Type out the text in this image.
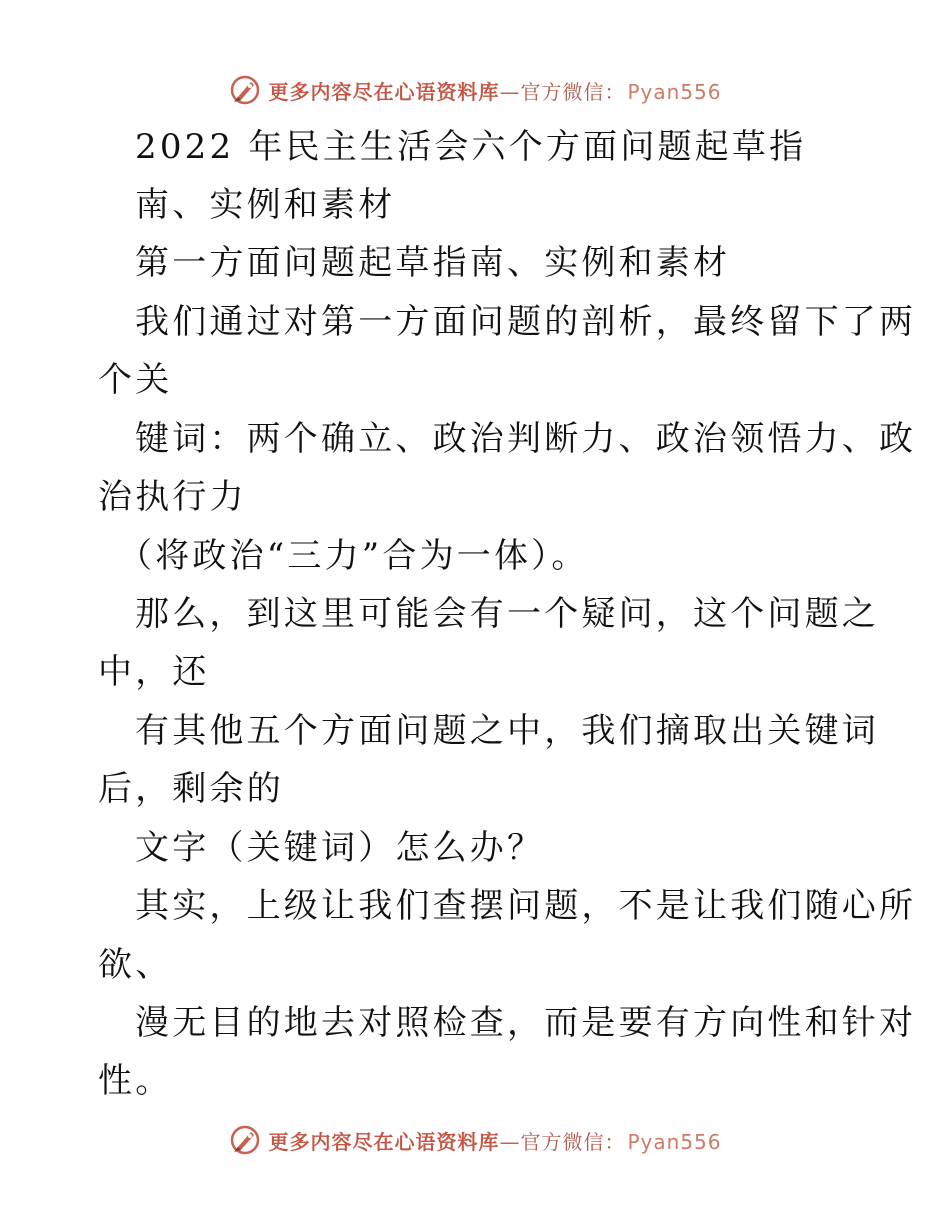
更多内容尽在心语资料库—官方微信： Pyan556
2022 年民主生活会六个方面问题起草指
南、实例和素材
第一方面问题起草指南、实例和素材
我们通过对第一方面问题的剖析，最终留下了两
个关
键词：两个确立、政治判断力、政治领悟力、政
治执行力
（将政治“三力”合为一体）。
那么，到这里可能会有一个疑问，这个问题之
中，还
有其他五个方面问题之中，我们摘取出关键词
后，剩余的
文字（关键词）怎么办？
其实，上级让我们查摆问题，不是让我们随心所
欲、
漫无目的地去对照检查，而是要有方向性和针对
性。
更多内容尽在心语资料库—官方微信： Pyan556
